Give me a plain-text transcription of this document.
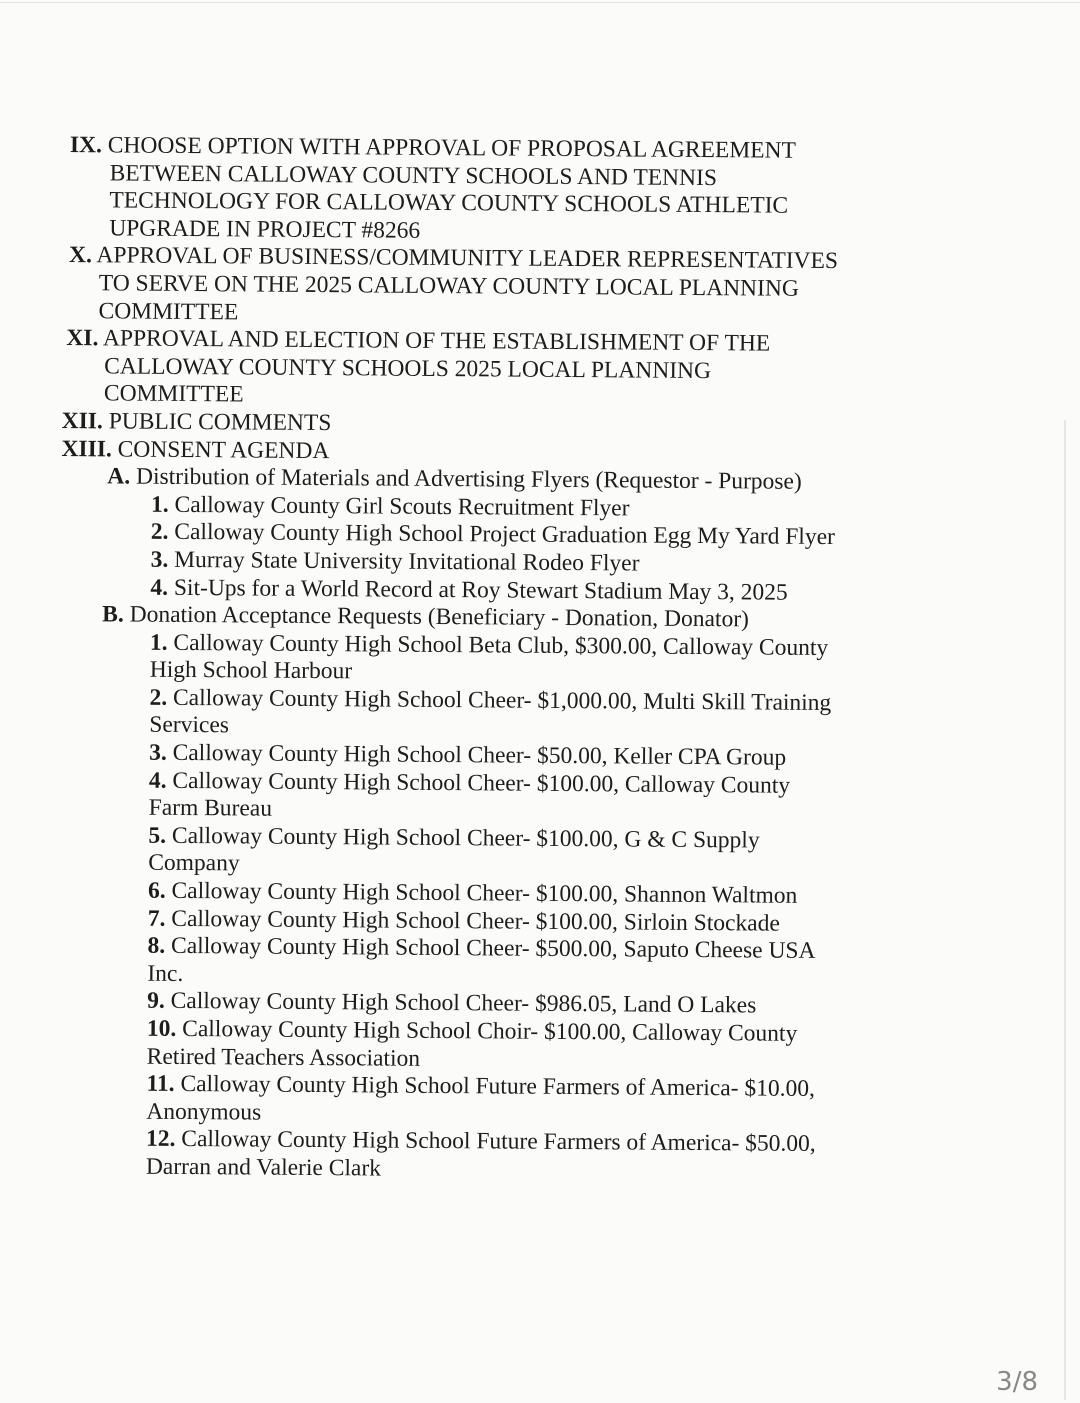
IX. CHOOSE OPTION WITH APPROVAL OF PROPOSAL AGREEMENT BETWEEN CALLOWAY COUNTY SCHOOLS AND TENNIS TECHNOLOGY FOR CALLOWAY COUNTY SCHOOLS ATHLETIC UPGRADE IN PROJECT #8266
X. APPROVAL OF BUSINESS/COMMUNITY LEADER REPRESENTATIVES TO SERVE ON THE 2025 CALLOWAY COUNTY LOCAL PLANNING COMMITTEE
XI. APPROVAL AND ELECTION OF THE ESTABLISHMENT OF THE CALLOWAY COUNTY SCHOOLS 2025 LOCAL PLANNING COMMITTEE
XII. PUBLIC COMMENTS
XIII. CONSENT AGENDA
A. Distribution of Materials and Advertising Flyers (Requestor - Purpose)
1. Calloway County Girl Scouts Recruitment Flyer
2. Calloway County High School Project Graduation Egg My Yard Flyer
3. Murray State University Invitational Rodeo Flyer
4. Sit-Ups for a World Record at Roy Stewart Stadium May 3, 2025
B. Donation Acceptance Requests (Beneficiary - Donation, Donator)
1. Calloway County High School Beta Club, $300.00, Calloway County High School Harbour
2. Calloway County High School Cheer- $1,000.00, Multi Skill Training Services
3. Calloway County High School Cheer- $50.00, Keller CPA Group
4. Calloway County High School Cheer- $100.00, Calloway County Farm Bureau
5. Calloway County High School Cheer- $100.00, G & C Supply Company
6. Calloway County High School Cheer- $100.00, Shannon Waltmon
7. Calloway County High School Cheer- $100.00, Sirloin Stockade
8. Calloway County High School Cheer- $500.00, Saputo Cheese USA Inc.
9. Calloway County High School Cheer- $986.05, Land O Lakes
10. Calloway County High School Choir- $100.00, Calloway County Retired Teachers Association
11. Calloway County High School Future Farmers of America- $10.00, Anonymous
12. Calloway County High School Future Farmers of America- $50.00, Darran and Valerie Clark
3/8
